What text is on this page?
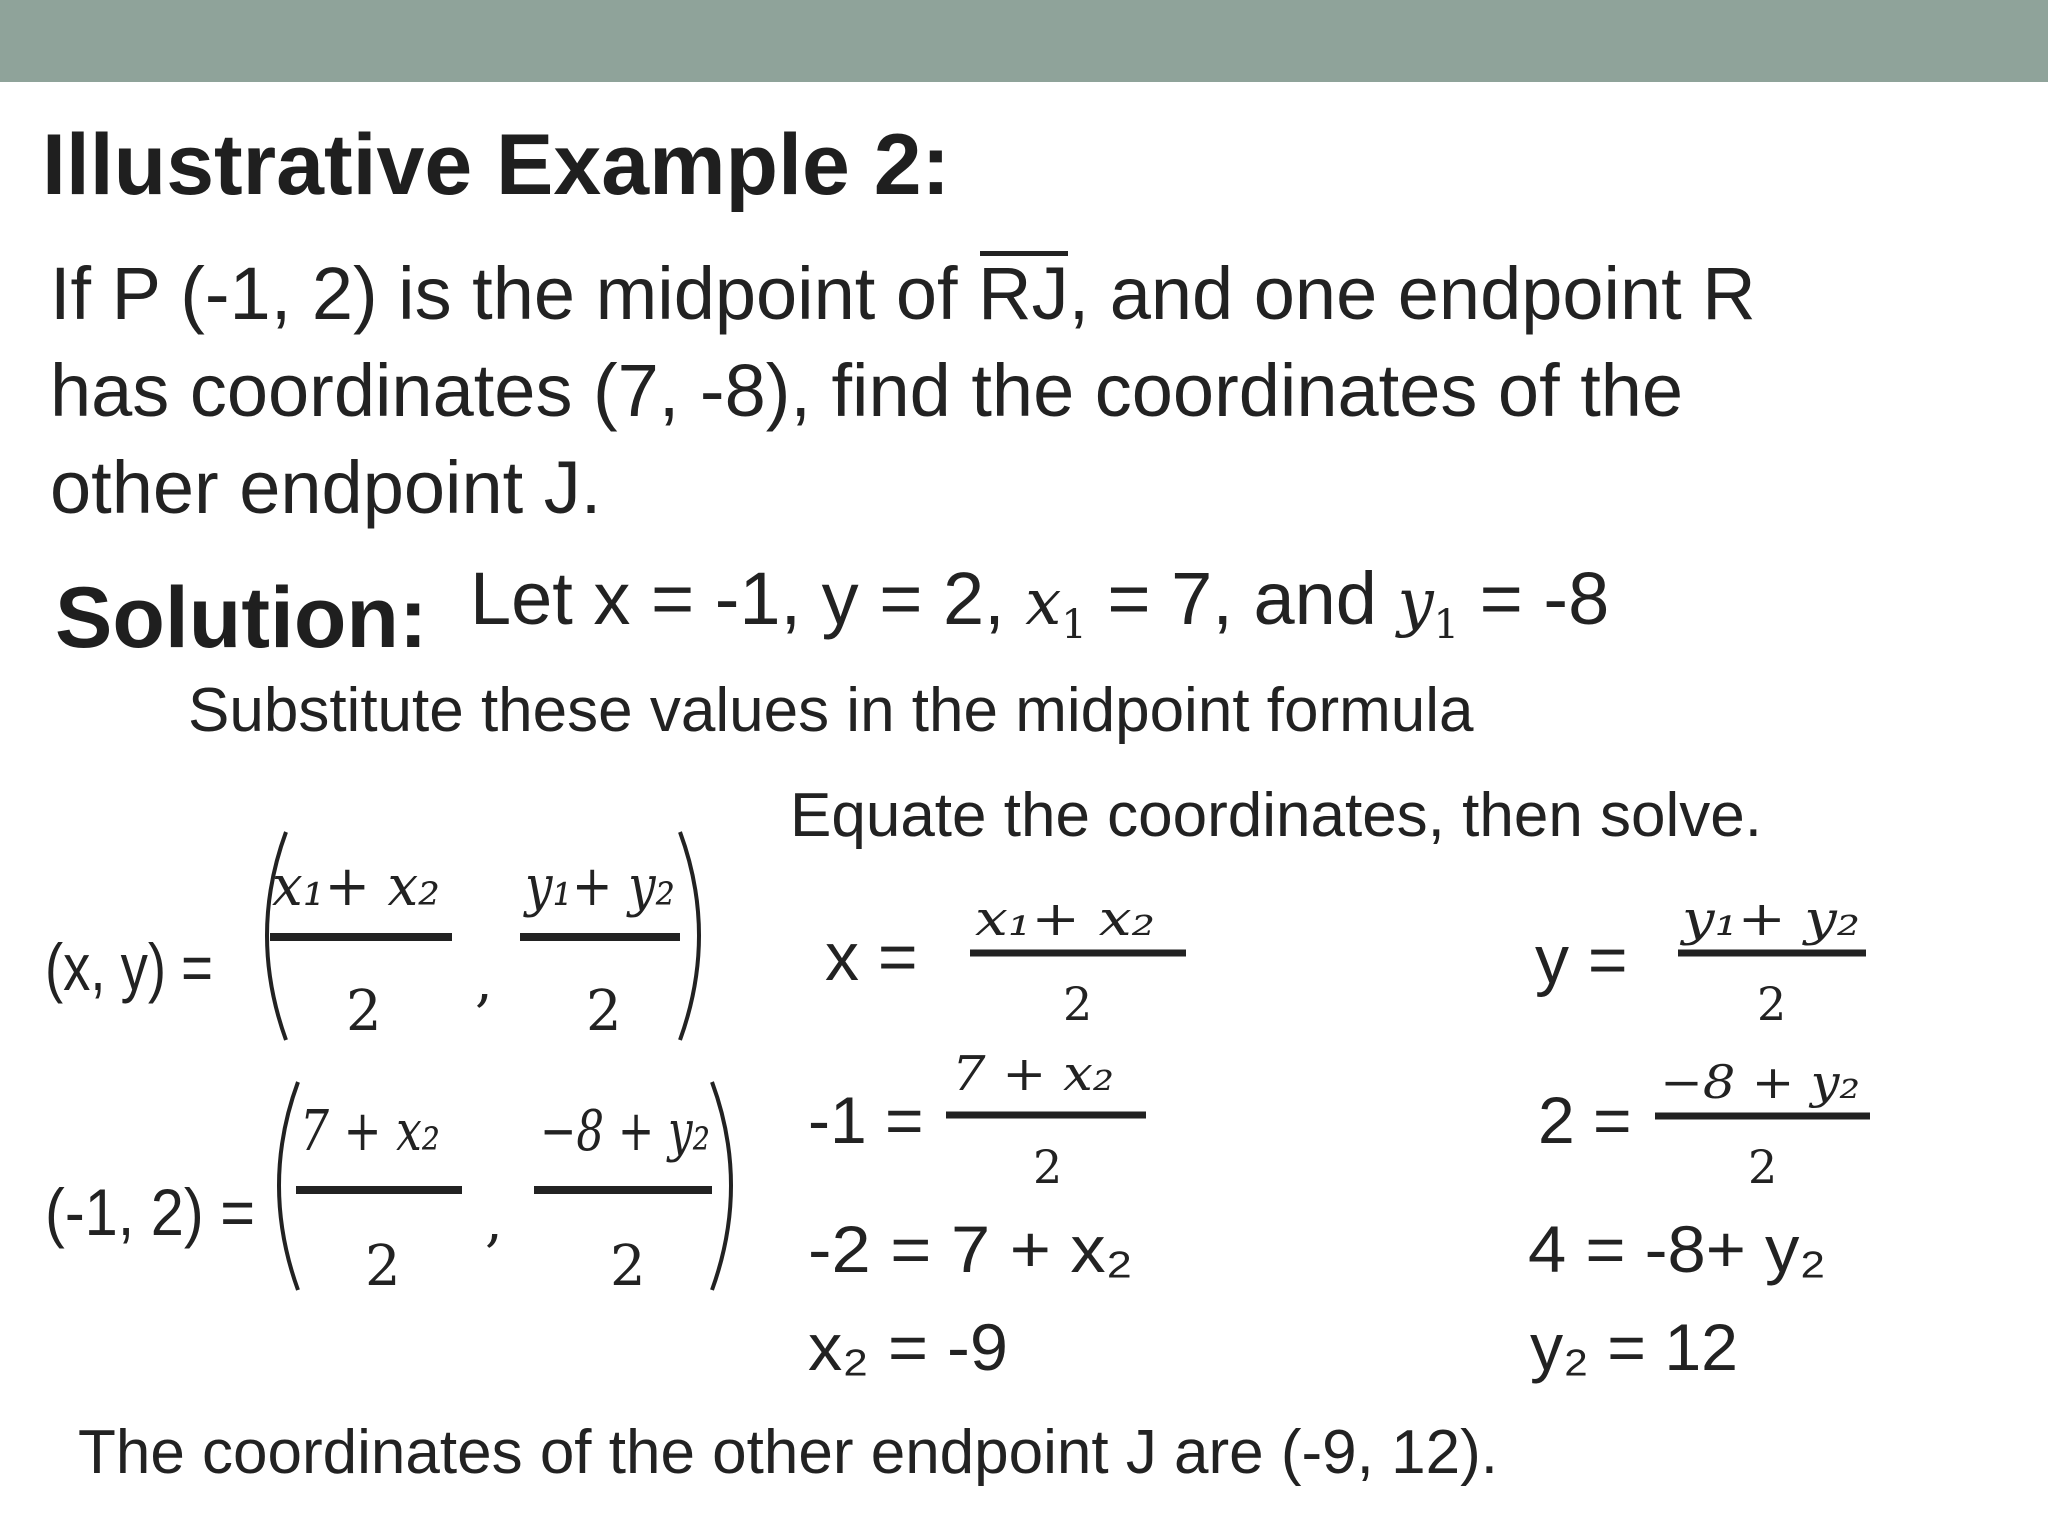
Illustrative Example 2:
If P (-1, 2) is the midpoint of RJ, and one endpoint R
has coordinates (7, -8), find the coordinates of the
other endpoint J.
Solution: Let x = -1, y = 2, x1 = 7, and y1 = -8
Substitute these values in the midpoint formula
Equate the coordinates, then solve.
(x, y) =
x₁+ x₂
2 ,
y₁+ y₂
2
(-1, 2) =
7 + x₂
2
,
−8 + y₂
2
x = x₁+ x₂
2
-1 =
7 + x₂
2
-2 = 7 + x₂
x₂ = -9
y =
y₁+ y₂
2
2 =
−8 + y₂
2
4 = -8+ y₂
y₂ = 12
The coordinates of the other endpoint J are (-9, 12).
